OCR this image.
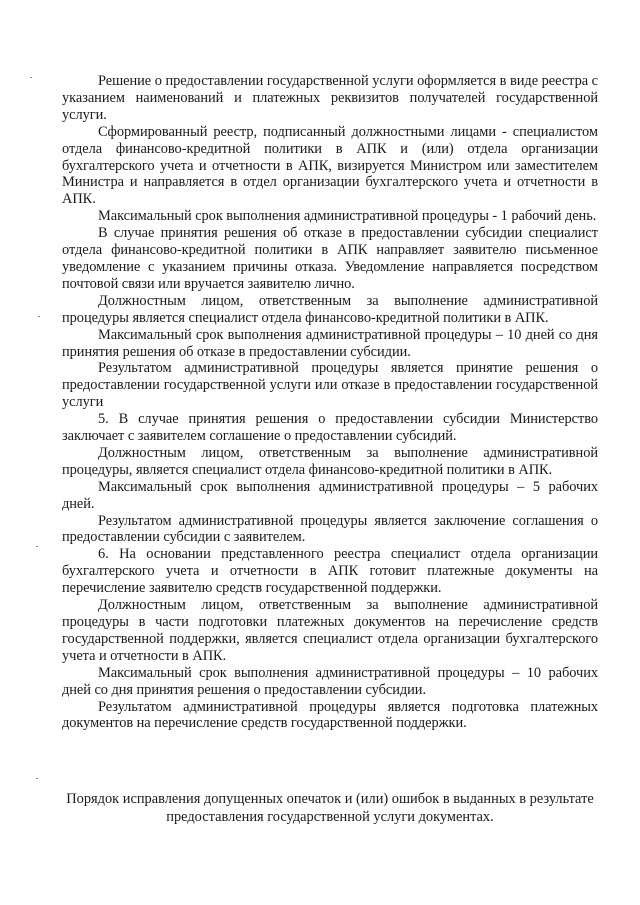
Решение о предоставлении государственной услуги оформляется в виде реестра с указанием наименований и платежных реквизитов получателей государственной услуги.

Сформированный реестр, подписанный должностными лицами - специалистом отдела финансово-кредитной политики в АПК и (или) отдела организации бухгалтерского учета и отчетности в АПК, визируется Министром или заместителем Министра и направляется в отдел организации бухгалтерского учета и отчетности в АПК.

Максимальный срок выполнения административной процедуры - 1 рабочий день.

В случае принятия решения об отказе в предоставлении субсидии специалист отдела финансово-кредитной политики в АПК направляет заявителю письменное уведомление с указанием причины отказа. Уведомление направляется посредством почтовой связи или вручается заявителю лично.

Должностным лицом, ответственным за выполнение административной процедуры является специалист отдела финансово-кредитной политики в АПК.

Максимальный срок выполнения административной процедуры – 10 дней со дня принятия решения об отказе в предоставлении субсидии.

Результатом административной процедуры является принятие решения о предоставлении государственной услуги или отказе в предоставлении государственной услуги

5. В случае принятия решения о предоставлении субсидии Министерство заключает с заявителем соглашение о предоставлении субсидий.

Должностным лицом, ответственным за выполнение административной процедуры, является специалист отдела финансово-кредитной политики в АПК.

Максимальный срок выполнения административной процедуры – 5 рабочих дней.

Результатом административной процедуры является заключение соглашения о предоставлении субсидии с заявителем.

6. На основании представленного реестра специалист отдела организации бухгалтерского учета и отчетности в АПК готовит платежные документы на перечисление заявителю средств государственной поддержки.

Должностным лицом, ответственным за выполнение административной процедуры в части подготовки платежных документов на перечисление средств государственной поддержки, является специалист отдела организации бухгалтерского учета и отчетности в АПК.

Максимальный срок выполнения административной процедуры – 10 рабочих дней со дня принятия решения о предоставлении субсидии.

Результатом административной процедуры является подготовка платежных документов на перечисление средств государственной поддержки.

Порядок исправления допущенных опечаток и (или) ошибок в выданных в результате предоставления государственной услуги документах.
